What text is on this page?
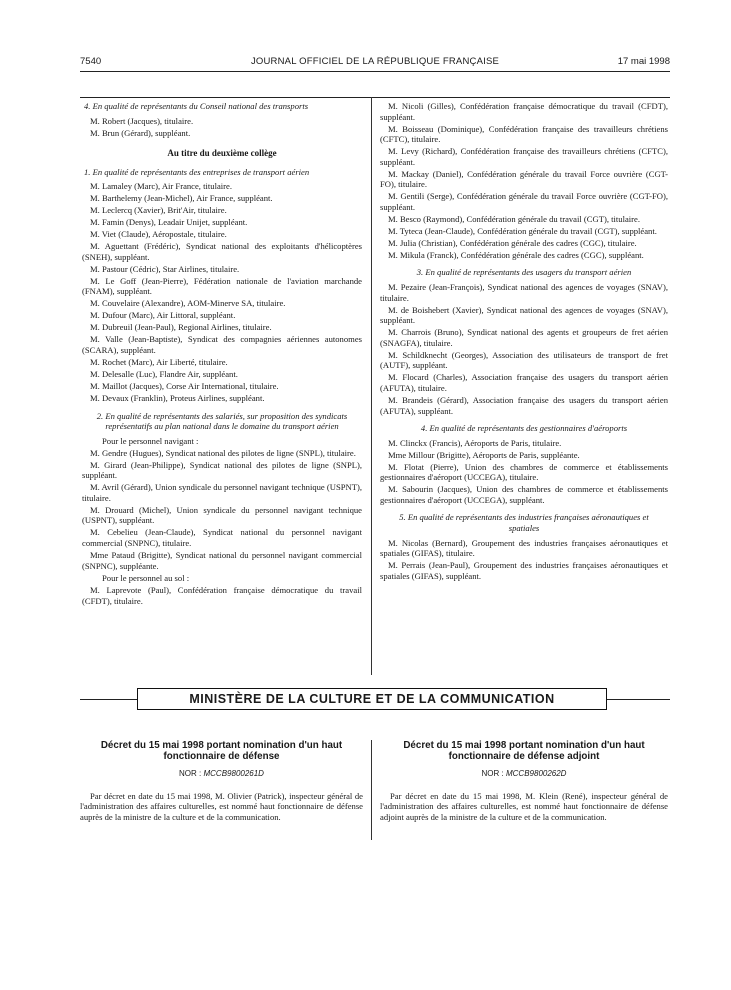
7540	JOURNAL OFFICIEL DE LA RÉPUBLIQUE FRANÇAISE	17 mai 1998

4. En qualité de représentants du Conseil national des transports

M. Robert (Jacques), titulaire.

M. Brun (Gérard), suppléant.

Au titre du deuxième collège

1. En qualité de représentants des entreprises de transport aérien

M. Lamaley (Marc), Air France, titulaire.

M. Barthelemy (Jean-Michel), Air France, suppléant.

M. Leclercq (Xavier), Brit'Air, titulaire.

M. Famin (Denys), Leadair Unijet, suppléant.

M. Viet (Claude), Aéropostale, titulaire.

M. Aguettant (Frédéric), Syndicat national des exploitants d'hélicoptères (SNEH), suppléant.

M. Pastour (Cédric), Star Airlines, titulaire.

M. Le Goff (Jean-Pierre), Fédération nationale de l'aviation marchande (FNAM), suppléant.

M. Couvelaire (Alexandre), AOM-Minerve SA, titulaire.

M. Dufour (Marc), Air Littoral, suppléant.

M. Dubreuil (Jean-Paul), Regional Airlines, titulaire.

M. Valle (Jean-Baptiste), Syndicat des compagnies aériennes autonomes (SCARA), suppléant.

M. Rochet (Marc), Air Liberté, titulaire.

M. Delesalle (Luc), Flandre Air, suppléant.

M. Maillot (Jacques), Corse Air International, titulaire.

M. Devaux (Franklin), Proteus Airlines, suppléant.

2. En qualité de représentants des salariés, sur proposition des syndicats représentatifs au plan national dans le domaine du transport aérien

Pour le personnel navigant :

M. Gendre (Hugues), Syndicat national des pilotes de ligne (SNPL), titulaire.

M. Girard (Jean-Philippe), Syndicat national des pilotes de ligne (SNPL), suppléant.

M. Avril (Gérard), Union syndicale du personnel navigant technique (USPNT), titulaire.

M. Drouard (Michel), Union syndicale du personnel navigant technique (USPNT), suppléant.

M. Cebelieu (Jean-Claude), Syndicat national du personnel navigant commercial (SNPNC), titulaire.

Mme Pataud (Brigitte), Syndicat national du personnel navigant commercial (SNPNC), suppléante.

Pour le personnel au sol :

M. Laprevote (Paul), Confédération française démocratique du travail (CFDT), titulaire.

M. Nicoli (Gilles), Confédération française démocratique du travail (CFDT), suppléant.

M. Boisseau (Dominique), Confédération française des travailleurs chrétiens (CFTC), titulaire.

M. Levy (Richard), Confédération française des travailleurs chrétiens (CFTC), suppléant.

M. Mackay (Daniel), Confédération générale du travail Force ouvrière (CGT-FO), titulaire.

M. Gentili (Serge), Confédération générale du travail Force ouvrière (CGT-FO), suppléant.

M. Besco (Raymond), Confédération générale du travail (CGT), titulaire.

M. Tyteca (Jean-Claude), Confédération générale du travail (CGT), suppléant.

M. Julia (Christian), Confédération générale des cadres (CGC), titulaire.

M. Mikula (Franck), Confédération générale des cadres (CGC), suppléant.

3. En qualité de représentants des usagers du transport aérien

M. Pezaire (Jean-François), Syndicat national des agences de voyages (SNAV), titulaire.

M. de Boishebert (Xavier), Syndicat national des agences de voyages (SNAV), suppléant.

M. Charrois (Bruno), Syndicat national des agents et groupeurs de fret aérien (SNAGFA), titulaire.

M. Schildknecht (Georges), Association des utilisateurs de transport de fret (AUTF), suppléant.

M. Flocard (Charles), Association française des usagers du transport aérien (AFUTA), titulaire.

M. Brandeis (Gérard), Association française des usagers du transport aérien (AFUTA), suppléant.

4. En qualité de représentants des gestionnaires d'aéroports

M. Clinckx (Francis), Aéroports de Paris, titulaire.

Mme Millour (Brigitte), Aéroports de Paris, suppléante.

M. Flotat (Pierre), Union des chambres de commerce et établissements gestionnaires d'aéroport (UCCEGA), titulaire.

M. Sabourin (Jacques), Union des chambres de commerce et établissements gestionnaires d'aéroport (UCCEGA), suppléant.

5. En qualité de représentants des industries françaises aéronautiques et spatiales

M. Nicolas (Bernard), Groupement des industries françaises aéronautiques et spatiales (GIFAS), titulaire.

M. Perrais (Jean-Paul), Groupement des industries françaises aéronautiques et spatiales (GIFAS), suppléant.

MINISTÈRE DE LA CULTURE ET DE LA COMMUNICATION

Décret du 15 mai 1998 portant nomination d'un haut fonctionnaire de défense

NOR : MCCB9800261D

Par décret en date du 15 mai 1998, M. Olivier (Patrick), inspecteur général de l'administration des affaires culturelles, est nommé haut fonctionnaire de défense auprès de la ministre de la culture et de la communication.

Décret du 15 mai 1998 portant nomination d'un haut fonctionnaire de défense adjoint

NOR : MCCB9800262D

Par décret en date du 15 mai 1998, M. Klein (René), inspecteur général de l'administration des affaires culturelles, est nommé haut fonctionnaire de défense adjoint auprès de la ministre de la culture et de la communication.
